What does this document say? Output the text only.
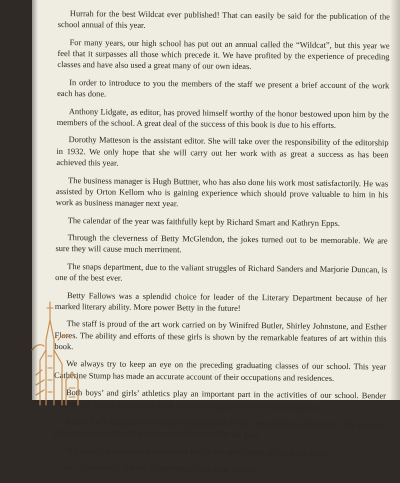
Hurrah for the best Wildcat ever published! That can easily be said for the publication of the school annual of this year.

For many years, our high school has put out an annual called the “Wildcat”, but this year we feel that it surpasses all those which precede it. We have profited by the experience of preceding classes and have also used a great many of our own ideas.

In order to introduce to you the members of the staff we present a brief account of the work each has done.

Anthony Lidgate, as editor, has proved himself worthy of the honor bestowed upon him by the members of the school. A great deal of the success of this book is due to his efforts.

Dorothy Matteson is the assistant editor. She will take over the responsibility of the editorship in 1932. We only hope that she will carry out her work with as great a success as has been achieved this year.

The business manager is Hugh Buttner, who has also done his work most satisfactorily. He was assisted by Orton Kellom who is gaining experience which should prove valuable to him in his work as business manager next year.

The calendar of the year was faithfully kept by Richard Smart and Kathryn Epps.

Through the cleverness of Betty McGlendon, the jokes turned out to be memorable. We are sure they will cause much merriment.

The snaps department, due to the valiant struggles of Richard Sanders and Marjorie Duncan, is one of the best ever.

Betty Fallows was a splendid choice for leader of the Literary Department because of her marked literary ability. More power Betty in the future!

The staff is proud of the art work carried on by Winifred Butler, Shirley Johnstone, and Esther Flores. The ability and efforts of these girls is shown by the remarkable features of art within this book.

We always try to keep an eye on the preceding graduating classes of our school. This year Catherine Stump has made an accurate account of their occupations and residences.

Both boys’ and girls’ athletics play an important part in the activities of our school. Bender Mange and Mavis Erwin have made an interesting survey of the various sports.

Arthur Lack has given invaluable help as head of the Organizations department. His constant pressure and tact in calling for material has won him his goal.

The faculty also played an important part in the publication of this book. Mrs.

M... Christoph... and Mr. Eichelberger have done wonder
